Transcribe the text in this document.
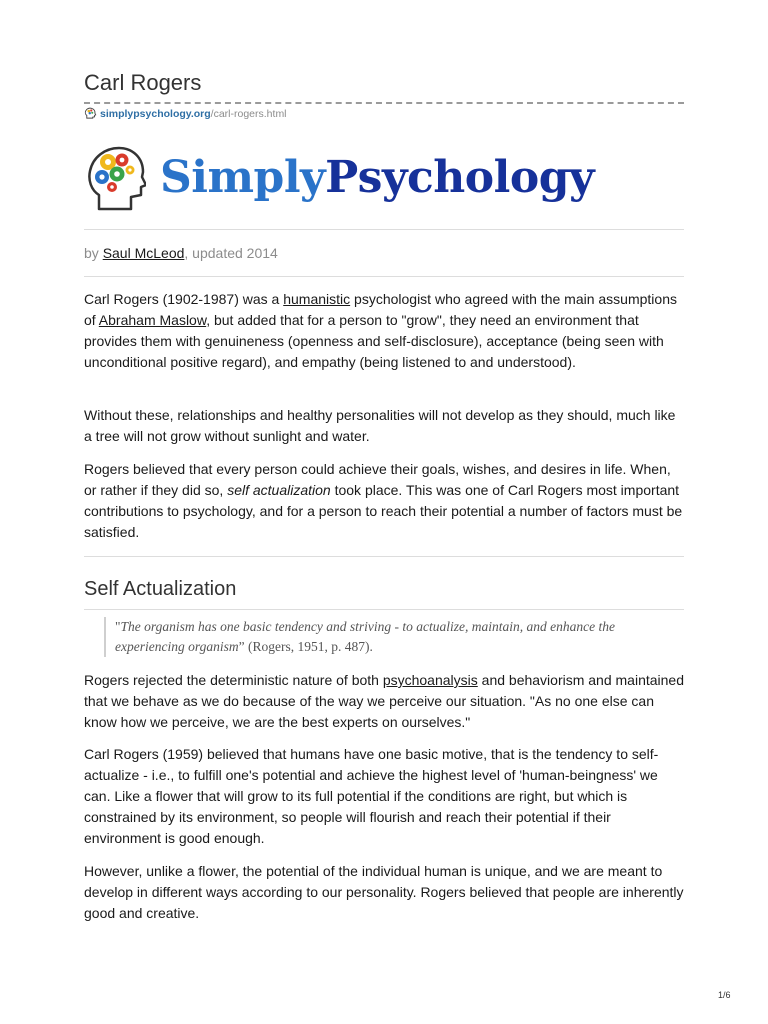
Carl Rogers
simplypsychology.org /carl-rogers.html
SimplyPsychology
by Saul McLeod, updated 2014

Carl Rogers (1902-1987) was a humanistic psychologist who agreed with the main assumptions of Abraham Maslow, but added that for a person to "grow", they need an environment that provides them with genuineness (openness and self-disclosure), acceptance (being seen with unconditional positive regard), and empathy (being listened to and understood).

Without these, relationships and healthy personalities will not develop as they should, much like a tree will not grow without sunlight and water.

Rogers believed that every person could achieve their goals, wishes, and desires in life. When, or rather if they did so, self actualization took place. This was one of Carl Rogers most important contributions to psychology, and for a person to reach their potential a number of factors must be satisfied.

Self Actualization
"The organism has one basic tendency and striving - to actualize, maintain, and enhance the experiencing organism” (Rogers, 1951, p. 487).

Rogers rejected the deterministic nature of both psychoanalysis and behaviorism and maintained that we behave as we do because of the way we perceive our situation. "As no one else can know how we perceive, we are the best experts on ourselves."

Carl Rogers (1959) believed that humans have one basic motive, that is the tendency to self-actualize - i.e., to fulfill one's potential and achieve the highest level of 'human-beingness' we can. Like a flower that will grow to its full potential if the conditions are right, but which is constrained by its environment, so people will flourish and reach their potential if their environment is good enough.

However, unlike a flower, the potential of the individual human is unique, and we are meant to develop in different ways according to our personality. Rogers believed that people are inherently good and creative.

1/6
